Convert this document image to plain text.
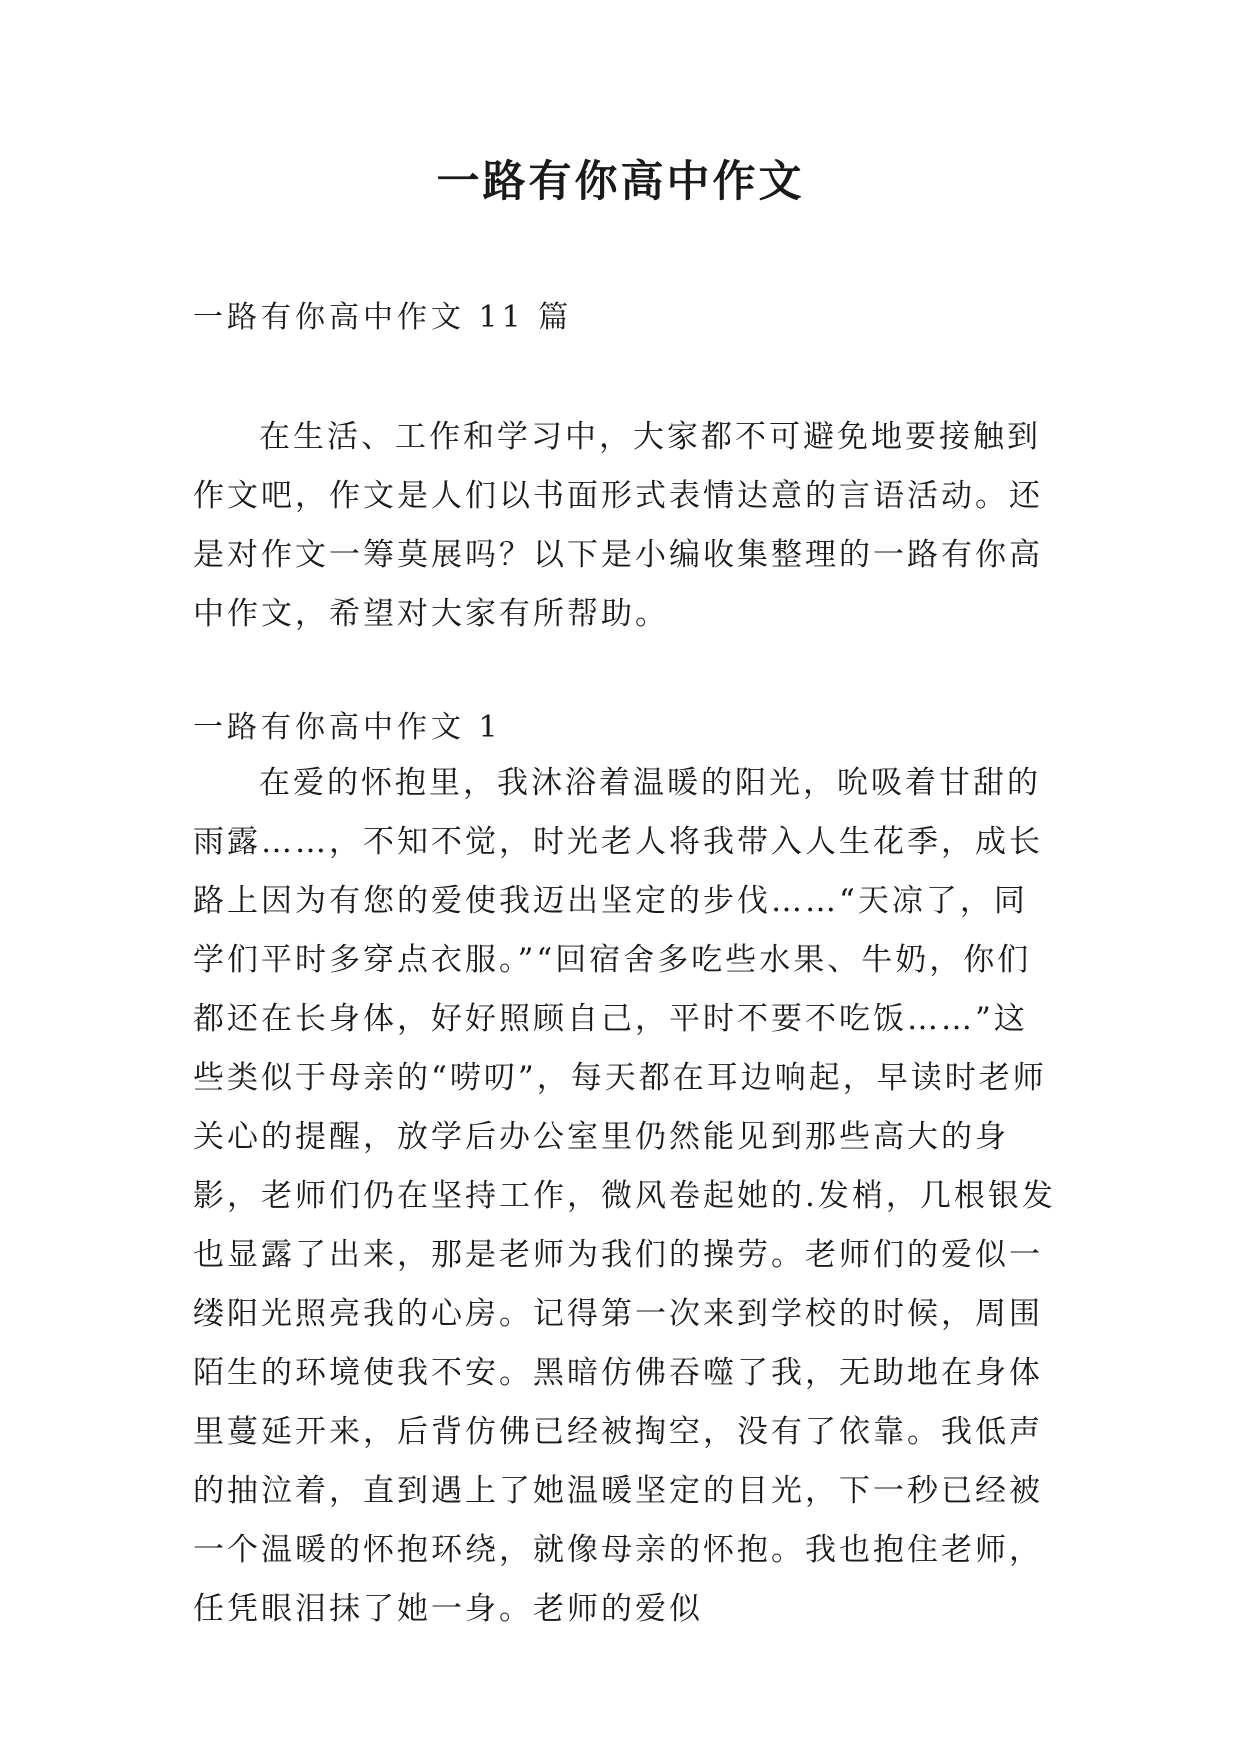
一路有你高中作文
一路有你高中作文 11 篇
在生活、工作和学习中，大家都不可避免地要接触到作文吧，作文是人们以书面形式表情达意的言语活动。还是对作文一筹莫展吗？以下是小编收集整理的一路有你高中作文，希望对大家有所帮助。
一路有你高中作文 1
在爱的怀抱里，我沐浴着温暖的阳光，吮吸着甘甜的雨露……，不知不觉，时光老人将我带入人生花季，成长路上因为有您的爱使我迈出坚定的步伐……“天凉了，同学们平时多穿点衣服。”“回宿舍多吃些水果、牛奶，你们都还在长身体，好好照顾自己，平时不要不吃饭……”这些类似于母亲的“唠叨”，每天都在耳边响起，早读时老师关心的提醒，放学后办公室里仍然能见到那些高大的身影，老师们仍在坚持工作，微风卷起她的.发梢，几根银发也显露了出来，那是老师为我们的操劳。老师们的爱似一缕阳光照亮我的心房。记得第一次来到学校的时候，周围陌生的环境使我不安。黑暗仿佛吞噬了我，无助地在身体里蔓延开来，后背仿佛已经被掏空，没有了依靠。我低声的抽泣着，直到遇上了她温暖坚定的目光，下一秒已经被一个温暖的怀抱环绕，就像母亲的怀抱。我也抱住老师，任凭眼泪抹了她一身。老师的爱似
